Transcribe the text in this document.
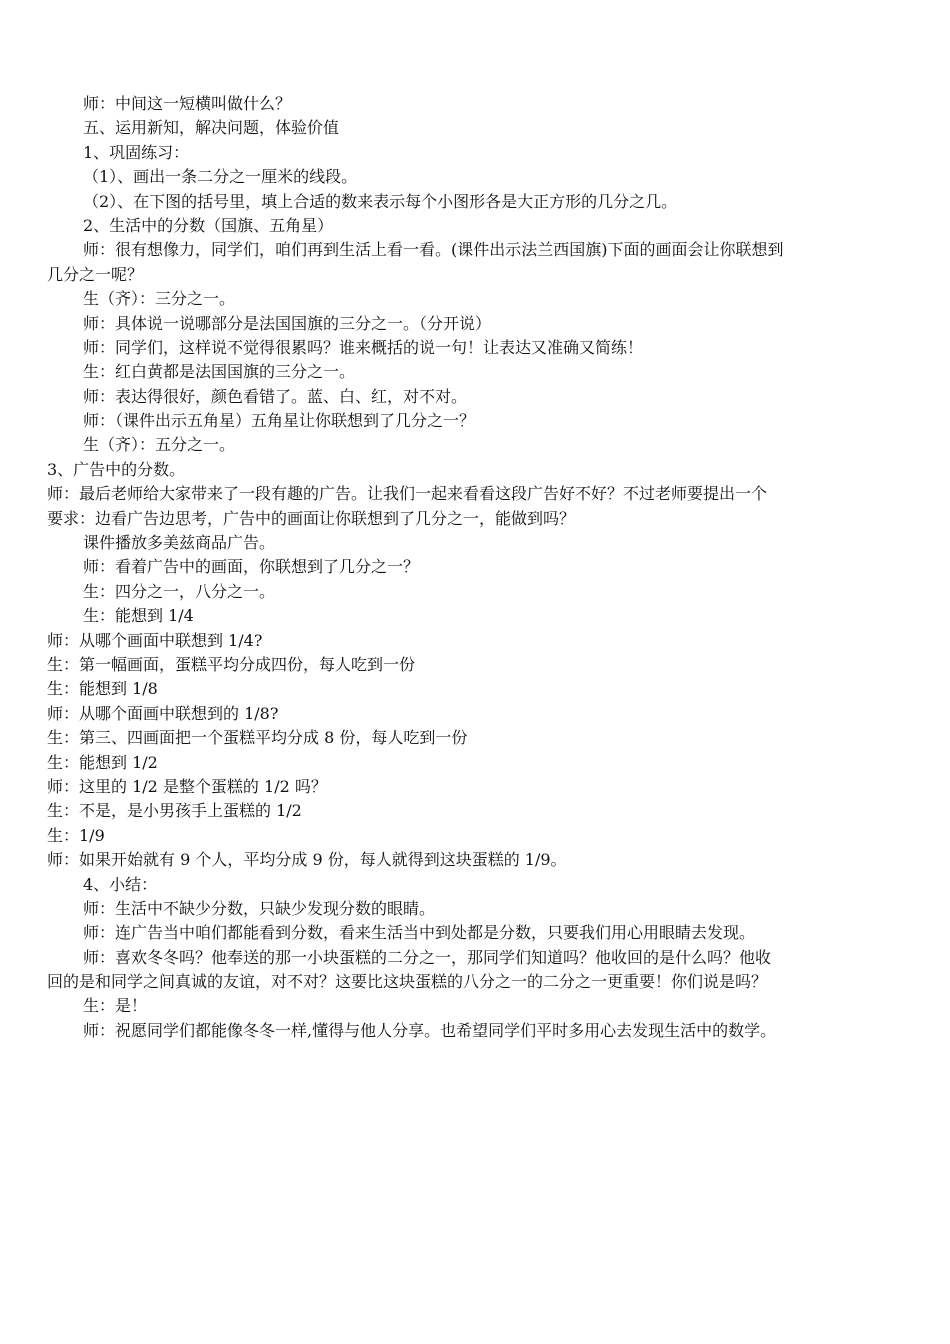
师：中间这一短横叫做什么？
五、运用新知，解决问题，体验价值
1、巩固练习：
（1）、画出一条二分之一厘米的线段。
（2）、在下图的括号里，填上合适的数来表示每个小图形各是大正方形的几分之几。
2、生活中的分数（国旗、五角星）
师：很有想像力，同学们，咱们再到生活上看一看。(课件出示法兰西国旗)下面的画面会让你联想到
几分之一呢？
生（齐）：三分之一。
师：具体说一说哪部分是法国国旗的三分之一。（分开说）
师：同学们，这样说不觉得很累吗？谁来概括的说一句！让表达又准确又简练！
生：红白黄都是法国国旗的三分之一。
师：表达得很好，颜色看错了。蓝、白、红，对不对。
师：（课件出示五角星）五角星让你联想到了几分之一？
生（齐）：五分之一。
3、广告中的分数。
师：最后老师给大家带来了一段有趣的广告。让我们一起来看看这段广告好不好？不过老师要提出一个
要求：边看广告边思考，广告中的画面让你联想到了几分之一，能做到吗？
课件播放多美兹商品广告。
师：看着广告中的画面，你联想到了几分之一？
生：四分之一，八分之一。
生：能想到 1/4
师：从哪个画面中联想到 1/4?
生：第一幅画面，蛋糕平均分成四份，每人吃到一份
生：能想到 1/8
师：从哪个面画中联想到的 1/8?
生：第三、四画面把一个蛋糕平均分成 8 份，每人吃到一份
生：能想到 1/2
师：这里的 1/2 是整个蛋糕的 1/2 吗？
生：不是，是小男孩手上蛋糕的 1/2
生：1/9
师：如果开始就有 9 个人，平均分成 9 份，每人就得到这块蛋糕的 1/9。
4、小结：
师：生活中不缺少分数，只缺少发现分数的眼睛。
师：连广告当中咱们都能看到分数，看来生活当中到处都是分数，只要我们用心用眼睛去发现。
师：喜欢冬冬吗？他奉送的那一小块蛋糕的二分之一，那同学们知道吗？他收回的是什么吗？他收
回的是和同学之间真诚的友谊，对不对？这要比这块蛋糕的八分之一的二分之一更重要！你们说是吗？
生：是！
师：祝愿同学们都能像冬冬一样,懂得与他人分享。也希望同学们平时多用心去发现生活中的数学。
